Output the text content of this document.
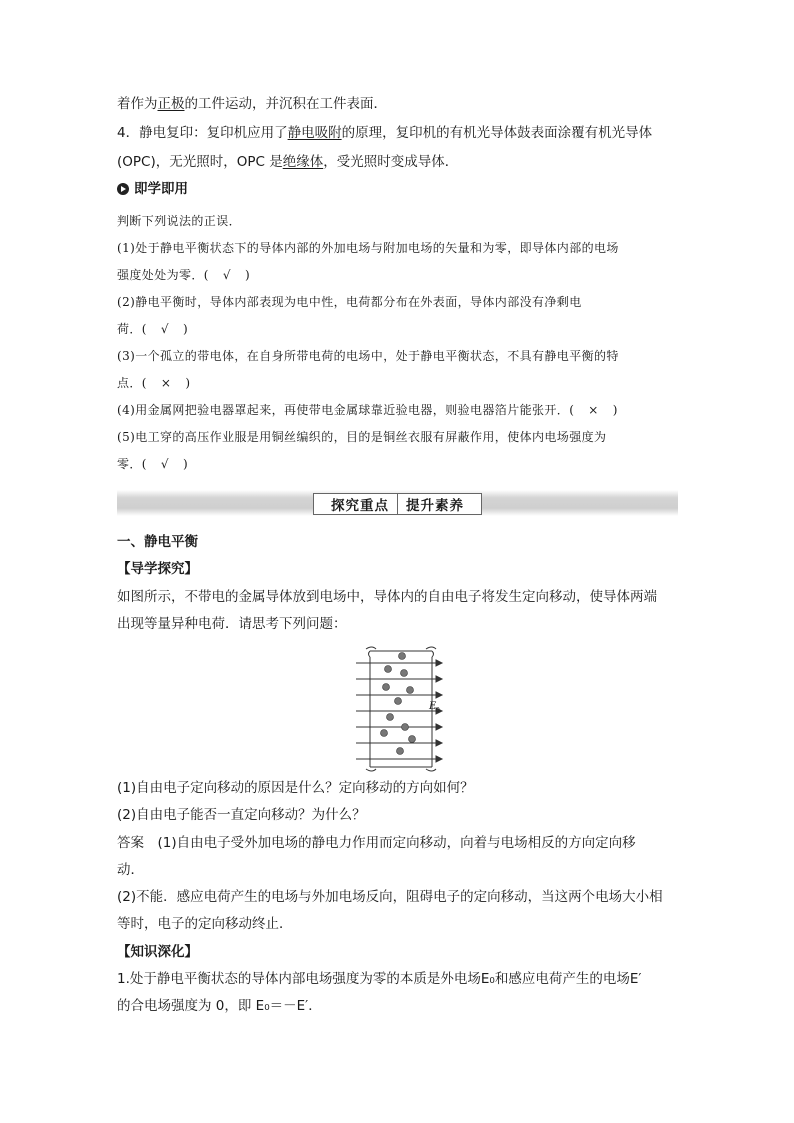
着作为正极的工件运动，并沉积在工件表面．
4．静电复印：复印机应用了静电吸附的原理，复印机的有机光导体鼓表面涂覆有机光导体
(OPC)，无光照时，OPC 是绝缘体，受光照时变成导体．
即学即用
判断下列说法的正误．
(1)处于静电平衡状态下的导体内部的外加电场与附加电场的矢量和为零，即导体内部的电场
强度处处为零．( √ )
(2)静电平衡时，导体内部表现为电中性，电荷都分布在外表面，导体内部没有净剩电
荷．( √ )
(3)一个孤立的带电体，在自身所带电荷的电场中，处于静电平衡状态，不具有静电平衡的特
点．( × )
(4)用金属网把验电器罩起来，再使带电金属球靠近验电器，则验电器箔片能张开．( × )
(5)电工穿的高压作业服是用铜丝编织的，目的是铜丝衣服有屏蔽作用，使体内电场强度为
零．( √ )
探究重点 提升素养
一、静电平衡
【导学探究】
如图所示，不带电的金属导体放到电场中，导体内的自由电子将发生定向移动，使导体两端
出现等量异种电荷．请思考下列问题：
E 0
(1)自由电子定向移动的原因是什么？定向移动的方向如何？
(2)自由电子能否一直定向移动？为什么？
答案　(1)自由电子受外加电场的静电力作用而定向移动，向着与电场相反的方向定向移
动．
(2)不能．感应电荷产生的电场与外加电场反向，阻碍电子的定向移动，当这两个电场大小相
等时，电子的定向移动终止．
【知识深化】
1.处于静电平衡状态的导体内部电场强度为零的本质是外电场E₀和感应电荷产生的电场E′
的合电场强度为 0，即 E₀＝－E′．
